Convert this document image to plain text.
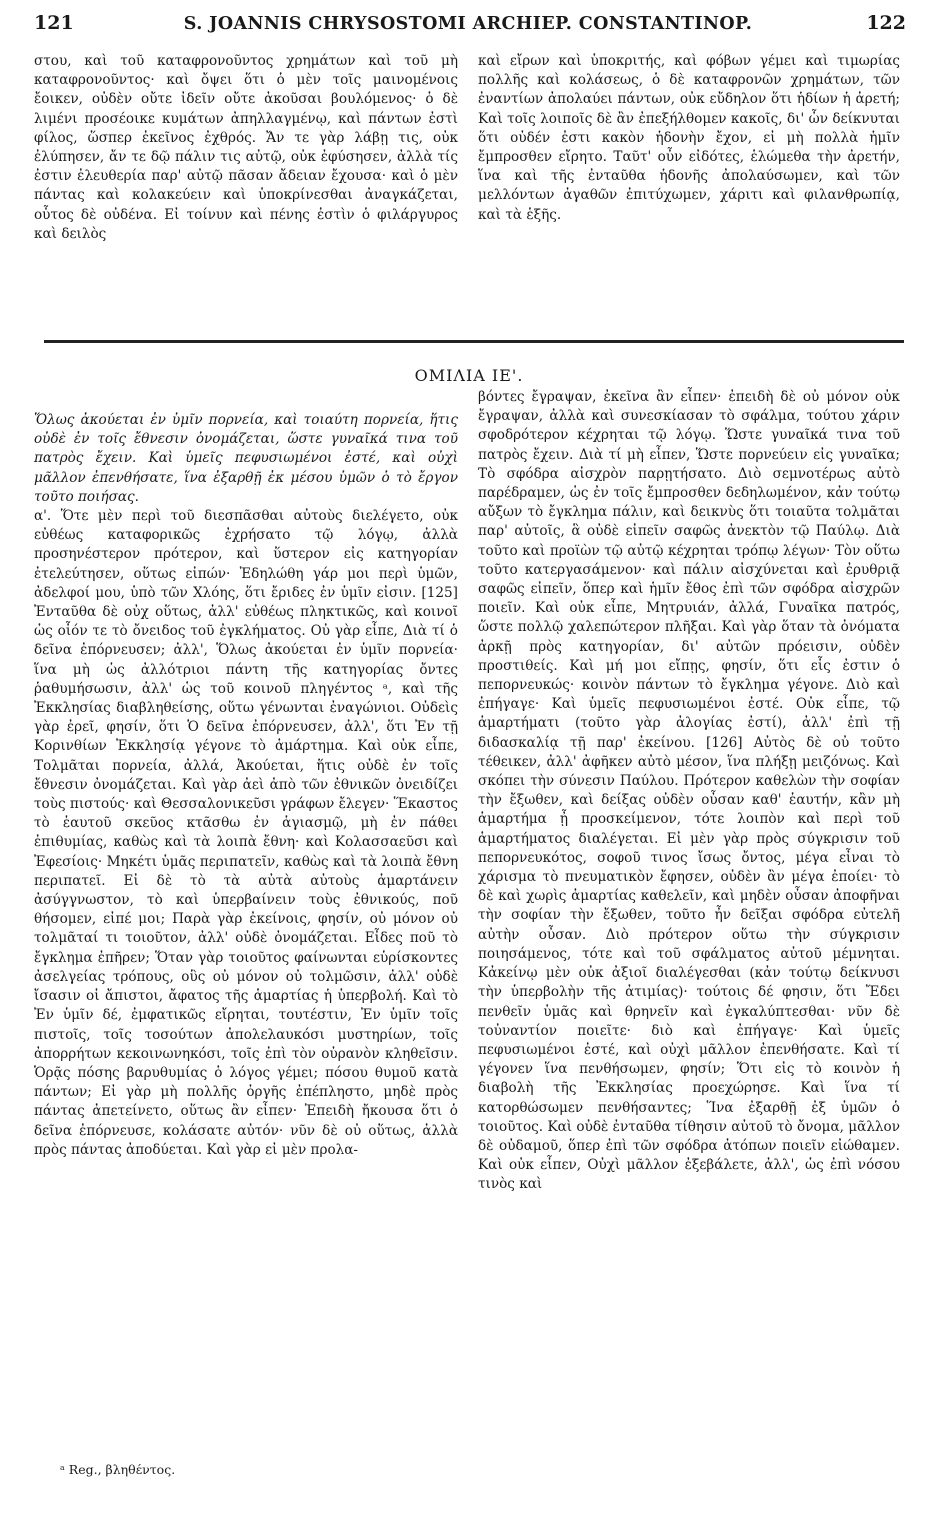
121	S. JOANNIS CHRYSOSTOMI ARCHIEP. CONSTANTINOP.	122

στου, καὶ τοῦ καταφρονοῦντος χρημάτων καὶ τοῦ μὴ καταφρονοῦντος· καὶ ὄψει ὅτι ὁ μὲν τοῖς μαινομένοις ἔοικεν, οὐδὲν οὔτε ἰδεῖν οὔτε ἀκοῦσαι βουλόμενος· ὁ δὲ λιμένι προσέοικε κυμάτων ἀπηλλαγμένῳ, καὶ πάντων ἐστὶ φίλος, ὥσπερ ἐκεῖνος ἐχθρός. Ἄν τε γὰρ λάβῃ τις, οὐκ ἐλύπησεν, ἄν τε δῷ πάλιν τις αὐτῷ, οὐκ ἐφύσησεν, ἀλλὰ τίς ἐστιν ἐλευθερία παρ' αὐτῷ πᾶσαν ἄδειαν ἔχουσα· καὶ ὁ μὲν πάντας καὶ κολακεύειν καὶ ὑποκρίνεσθαι ἀναγκάζεται, οὗτος δὲ οὐδένα. Εἰ τοίνυν καὶ πένης ἐστὶν ὁ φιλάργυρος καὶ δειλὸς

καὶ εἴρων καὶ ὑποκριτής, καὶ φόβων γέμει καὶ τιμωρίας πολλῆς καὶ κολάσεως, ὁ δὲ καταφρονῶν χρημάτων, τῶν ἐναντίων ἀπολαύει πάντων, οὐκ εὔδηλον ὅτι ἡδίων ἡ ἀρετή; Καὶ τοῖς λοιποῖς δὲ ἂν ἐπεξήλθομεν κακοῖς, δι' ὧν δείκνυται ὅτι οὐδέν ἐστι κακὸν ἡδονὴν ἔχον, εἰ μὴ πολλὰ ἡμῖν ἔμπροσθεν εἴρητο. Ταῦτ' οὖν εἰδότες, ἑλώμεθα τὴν ἀρετήν, ἵνα καὶ τῆς ἐνταῦθα ἡδονῆς ἀπολαύσωμεν, καὶ τῶν μελλόντων ἀγαθῶν ἐπιτύχωμεν, χάριτι καὶ φιλανθρωπίᾳ, καὶ τὰ ἑξῆς.

ΟΜΙΛΙΑ ΙΕ'.

Ὅλως ἀκούεται ἐν ὑμῖν πορνεία, καὶ τοιαύτη πορνεία, ἥτις οὐδὲ ἐν τοῖς ἔθνεσιν ὀνομάζεται, ὥστε γυναῖκά τινα τοῦ πατρὸς ἔχειν. Καὶ ὑμεῖς πεφυσιωμένοι ἐστέ, καὶ οὐχὶ μᾶλλον ἐπενθήσατε, ἵνα ἐξαρθῇ ἐκ μέσου ὑμῶν ὁ τὸ ἔργον τοῦτο ποιήσας.

α'. Ὅτε μὲν περὶ τοῦ διεσπᾶσθαι αὐτοὺς διελέγετο, οὐκ εὐθέως καταφορικῶς ἐχρήσατο τῷ λόγῳ, ἀλλὰ προσηνέστερον πρότερον, καὶ ὕστερον εἰς κατηγορίαν ἐτελεύτησεν, οὕτως εἰπών· Ἐδηλώθη γάρ μοι περὶ ὑμῶν, ἀδελφοί μου, ὑπὸ τῶν Χλόης, ὅτι ἔριδες ἐν ὑμῖν εἰσιν. [125] Ἐνταῦθα δὲ οὐχ οὕτως, ἀλλ' εὐθέως πληκτικῶς, καὶ κοινοῖ ὡς οἷόν τε τὸ ὄνειδος τοῦ ἐγκλήματος. Οὐ γὰρ εἶπε, Διὰ τί ὁ δεῖνα ἐπόρνευσεν; ἀλλ', Ὅλως ἀκούεται ἐν ὑμῖν πορνεία· ἵνα μὴ ὡς ἀλλότριοι πάντη τῆς κατηγορίας ὄντες ῥαθυμήσωσιν, ἀλλ' ὡς τοῦ κοινοῦ πληγέντος ᵃ, καὶ τῆς Ἐκκλησίας διαβληθείσης, οὕτω γένωνται ἐναγώνιοι. Οὐδεὶς γὰρ ἐρεῖ, φησίν, ὅτι Ὁ δεῖνα ἐπόρνευσεν, ἀλλ', ὅτι Ἐν τῇ Κορινθίων Ἐκκλησίᾳ γέγονε τὸ ἁμάρτημα. Καὶ οὐκ εἶπε, Τολμᾶται πορνεία, ἀλλά, Ἀκούεται, ἥτις οὐδὲ ἐν τοῖς ἔθνεσιν ὀνομάζεται. Καὶ γὰρ ἀεὶ ἀπὸ τῶν ἐθνικῶν ὀνειδίζει τοὺς πιστούς· καὶ Θεσσαλονικεῦσι γράφων ἔλεγεν· Ἕκαστος τὸ ἑαυτοῦ σκεῦος κτᾶσθω ἐν ἁγιασμῷ, μὴ ἐν πάθει ἐπιθυμίας, καθὼς καὶ τὰ λοιπὰ ἔθνη· καὶ Κολασσαεῦσι καὶ Ἐφεσίοις· Μηκέτι ὑμᾶς περιπατεῖν, καθὼς καὶ τὰ λοιπὰ ἔθνη περιπατεῖ. Εἰ δὲ τὸ τὰ αὐτὰ αὐτοὺς ἁμαρτάνειν ἀσύγγνωστον, τὸ καὶ ὑπερβαίνειν τοὺς ἐθνικούς, ποῦ θήσομεν, εἰπέ μοι; Παρὰ γὰρ ἐκείνοις, φησίν, οὐ μόνον οὐ τολμᾶταί τι τοιοῦτον, ἀλλ' οὐδὲ ὀνομάζεται. Εἶδες ποῦ τὸ ἔγκλημα ἐπῆρεν; Ὅταν γὰρ τοιοῦτος φαίνωνται εὑρίσκοντες ἀσελγείας τρόπους, οὓς οὐ μόνον οὐ τολμῶσιν, ἀλλ' οὐδὲ ἴσασιν οἱ ἄπιστοι, ἄφατος τῆς ἁμαρτίας ἡ ὑπερβολή. Καὶ τὸ Ἐν ὑμῖν δέ, ἐμφατικῶς εἴρηται, τουτέστιν, Ἐν ὑμῖν τοῖς πιστοῖς, τοῖς τοσούτων ἀπολελαυκόσι μυστηρίων, τοῖς ἀπορρήτων κεκοινωνηκόσι, τοῖς ἐπὶ τὸν οὐρανὸν κληθεῖσιν. Ὁρᾷς πόσης βαρυθυμίας ὁ λόγος γέμει; πόσου θυμοῦ κατὰ πάντων; Εἰ γὰρ μὴ πολλῆς ὀργῆς ἐπέπληστο, μηδὲ πρὸς πάντας ἀπετείνετο, οὕτως ἂν εἶπεν· Ἐπειδὴ ἤκουσα ὅτι ὁ δεῖνα ἐπόρνευσε, κολάσατε αὐτόν· νῦν δὲ οὐ οὕτως, ἀλλὰ πρὸς πάντας ἀποδύεται. Καὶ γὰρ εἰ μὲν προλα-

βόντες ἔγραψαν, ἐκεῖνα ἂν εἶπεν· ἐπειδὴ δὲ οὐ μόνον οὐκ ἔγραψαν, ἀλλὰ καὶ συνεσκίασαν τὸ σφάλμα, τούτου χάριν σφοδρότερον κέχρηται τῷ λόγῳ. Ὥστε γυναῖκά τινα τοῦ πατρὸς ἔχειν. Διὰ τί μὴ εἶπεν, Ὥστε πορνεύειν εἰς γυναῖκα; Τὸ σφόδρα αἰσχρὸν παρῃτήσατο. Διὸ σεμνοτέρως αὐτὸ παρέδραμεν, ὡς ἐν τοῖς ἔμπροσθεν δεδηλωμένον, κἀν τούτῳ αὔξων τὸ ἔγκλημα πάλιν, καὶ δεικνὺς ὅτι τοιαῦτα τολμᾶται παρ' αὐτοῖς, ἃ οὐδὲ εἰπεῖν σαφῶς ἀνεκτὸν τῷ Παύλῳ. Διὰ τοῦτο καὶ προϊὼν τῷ αὐτῷ κέχρηται τρόπῳ λέγων· Τὸν οὕτω τοῦτο κατεργασάμενον· καὶ πάλιν αἰσχύνεται καὶ ἐρυθριᾷ σαφῶς εἰπεῖν, ὅπερ καὶ ἡμῖν ἔθος ἐπὶ τῶν σφόδρα αἰσχρῶν ποιεῖν. Καὶ οὐκ εἶπε, Μητρυιάν, ἀλλά, Γυναῖκα πατρός, ὥστε πολλῷ χαλεπώτερον πλῆξαι. Καὶ γὰρ ὅταν τὰ ὀνόματα ἀρκῇ πρὸς κατηγορίαν, δι' αὐτῶν πρόεισιν, οὐδὲν προστιθείς. Καὶ μή μοι εἴπῃς, φησίν, ὅτι εἷς ἐστιν ὁ πεπορνευκώς· κοινὸν πάντων τὸ ἔγκλημα γέγονε. Διὸ καὶ ἐπήγαγε· Καὶ ὑμεῖς πεφυσιωμένοι ἐστέ. Οὐκ εἶπε, τῷ ἁμαρτήματι (τοῦτο γὰρ ἀλογίας ἐστί), ἀλλ' ἐπὶ τῇ διδασκαλίᾳ τῇ παρ' ἐκείνου. [126] Αὐτὸς δὲ οὐ τοῦτο τέθεικεν, ἀλλ' ἀφῆκεν αὐτὸ μέσον, ἵνα πλήξῃ μειζόνως. Καὶ σκόπει τὴν σύνεσιν Παύλου. Πρότερον καθελὼν τὴν σοφίαν τὴν ἔξωθεν, καὶ δείξας οὐδὲν οὖσαν καθ' ἑαυτήν, κἂν μὴ ἁμαρτήμα ᾖ προσκείμενον, τότε λοιπὸν καὶ περὶ τοῦ ἁμαρτήματος διαλέγεται. Εἰ μὲν γὰρ πρὸς σύγκρισιν τοῦ πεπορνευκότος, σοφοῦ τινος ἴσως ὄντος, μέγα εἶναι τὸ χάρισμα τὸ πνευματικὸν ἔφησεν, οὐδὲν ἂν μέγα ἐποίει· τὸ δὲ καὶ χωρὶς ἁμαρτίας καθελεῖν, καὶ μηδὲν οὖσαν ἀποφῆναι τὴν σοφίαν τὴν ἔξωθεν, τοῦτο ἦν δεῖξαι σφόδρα εὐτελῆ αὐτὴν οὖσαν. Διὸ πρότερον οὕτω τὴν σύγκρισιν ποιησάμενος, τότε καὶ τοῦ σφάλματος αὐτοῦ μέμνηται. Κἀκείνῳ μὲν οὐκ ἀξιοῖ διαλέγεσθαι (κἀν τούτῳ δείκνυσι τὴν ὑπερβολὴν τῆς ἀτιμίας)· τούτοις δέ φησιν, ὅτι Ἔδει πενθεῖν ὑμᾶς καὶ θρηνεῖν καὶ ἐγκαλύπτεσθαι· νῦν δὲ τοὐναντίον ποιεῖτε· διὸ καὶ ἐπήγαγε· Καὶ ὑμεῖς πεφυσιωμένοι ἐστέ, καὶ οὐχὶ μᾶλλον ἐπενθήσατε. Καὶ τί γέγονεν ἵνα πενθήσωμεν, φησίν; Ὅτι εἰς τὸ κοινὸν ἡ διαβολὴ τῆς Ἐκκλησίας προεχώρησε. Καὶ ἵνα τί κατορθώσωμεν πενθήσαντες; Ἵνα ἐξαρθῇ ἐξ ὑμῶν ὁ τοιοῦτος. Καὶ οὐδὲ ἐνταῦθα τίθησιν αὐτοῦ τὸ ὄνομα, μᾶλλον δὲ οὐδαμοῦ, ὅπερ ἐπὶ τῶν σφόδρα ἀτόπων ποιεῖν εἰώθαμεν. Καὶ οὐκ εἶπεν, Οὐχὶ μᾶλλον ἐξεβάλετε, ἀλλ', ὡς ἐπὶ νόσου τινὸς καὶ

ᵃ Reg., βληθέντος.
